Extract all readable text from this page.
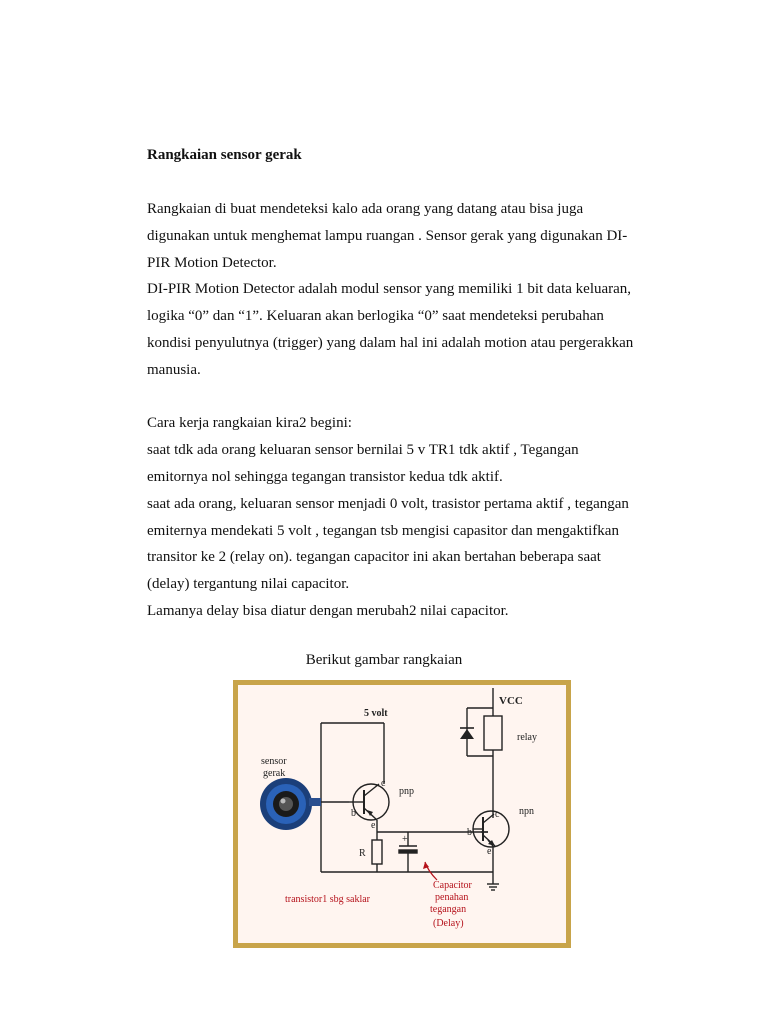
Rangkaian sensor gerak
Rangkaian di buat mendeteksi kalo ada orang yang datang atau bisa juga
digunakan untuk menghemat lampu ruangan . Sensor gerak yang digunakan DI-
PIR Motion Detector.
DI-PIR Motion Detector adalah modul sensor yang memiliki 1 bit data keluaran,
logika “0” dan “1”. Keluaran akan berlogika “0” saat mendeteksi perubahan
kondisi penyulutnya (trigger) yang dalam hal ini adalah motion atau pergerakkan
manusia.
Cara kerja rangkaian kira2 begini:
saat tdk ada orang keluaran sensor bernilai 5 v TR1 tdk aktif , Tegangan
emitornya nol sehingga tegangan transistor kedua tdk aktif.
saat ada orang, keluaran sensor menjadi 0 volt, trasistor pertama aktif , tegangan
emiternya mendekati 5 volt , tegangan tsb mengisi capasitor dan mengaktifkan
transitor ke 2 (relay on). tegangan capacitor ini akan bertahan beberapa saat
(delay) tergantung nilai capacitor.
Lamanya delay bisa diatur dengan merubah2 nilai capacitor.
Berikut gambar rangkaian
5 volt
VCC
relay
sensor
gerak
pnp
npn
b
c
e
b
c
e
R
+
transistor1 sbg saklar
Capacitor
penahan
tegangan
(Delay)
